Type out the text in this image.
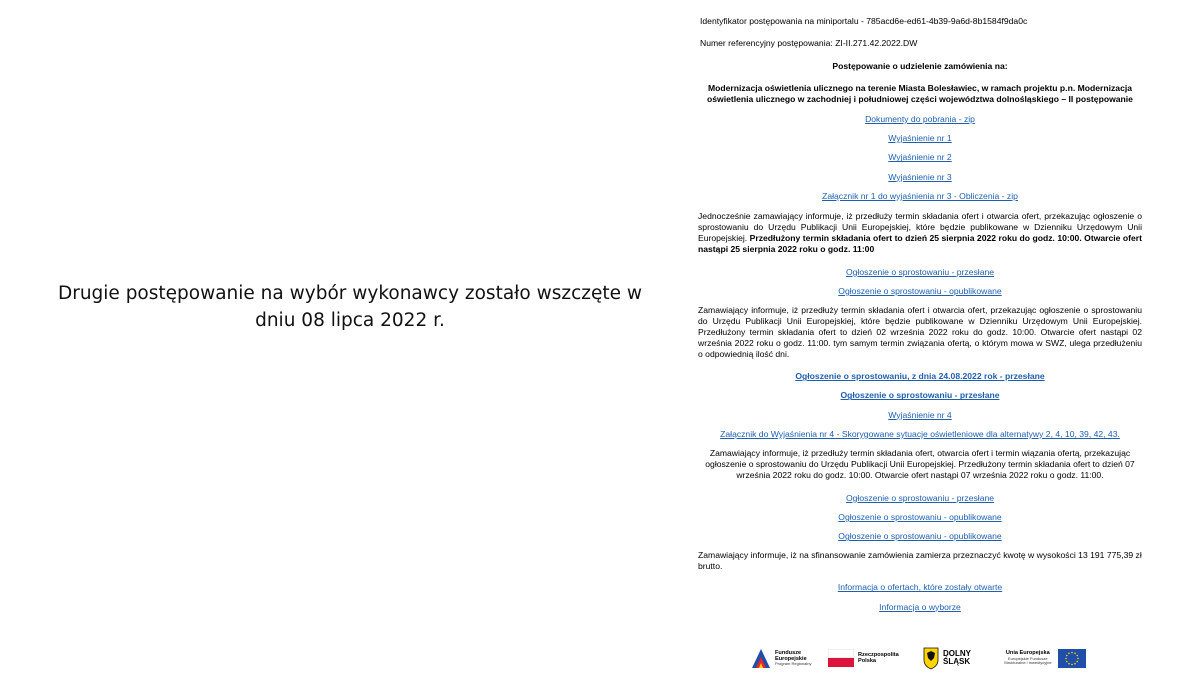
Drugie postępowanie na wybór wykonawcy zostało wszczęte w dniu 08 lipca 2022 r.
Identyfikator postępowania na miniportalu - 785acd6e-ed61-4b39-9a6d-8b1584f9da0c
Numer referencyjny postępowania: ZI-II.271.42.2022.DW
Postępowanie o udzielenie zamówienia na:
Modernizacja oświetlenia ulicznego na terenie Miasta Bolesławiec, w ramach projektu p.n. Modernizacja oświetlenia ulicznego w zachodniej i południowej części województwa dolnośląskiego – II postępowanie
Dokumenty do pobrania - zip
Wyjaśnienie nr 1
Wyjaśnienie nr 2
Wyjaśnienie nr 3
Załącznik nr 1 do wyjaśnienia nr 3 - Obliczenia - zip
Jednocześnie zamawiający informuje, iż przedłuży termin składania ofert i otwarcia ofert, przekazując ogłoszenie o sprostowaniu do Urzędu Publikacji Unii Europejskiej, które będzie publikowane w Dzienniku Urzędowym Unii Europejskiej. Przedłużony termin składania ofert to dzień 25 sierpnia 2022 roku do godz. 10:00. Otwarcie ofert nastąpi 25 sierpnia 2022 roku o godz. 11:00
Ogłoszenie o sprostowaniu - przesłane
Ogłoszenie o sprostowaniu - opublikowane
Zamawiający informuje, iż przedłuży termin składania ofert i otwarcia ofert, przekazując ogłoszenie o sprostowaniu do Urzędu Publikacji Unii Europejskiej, które będzie publikowane w Dzienniku Urzędowym Unii Europejskiej. Przedłużony termin składania ofert to dzień 02 września 2022 roku do godz. 10:00. Otwarcie ofert nastąpi 02 września 2022 roku o godz. 11:00. tym samym termin związania ofertą, o którym mowa w SWZ, ulega przedłużeniu o odpowiednią ilość dni.
Ogłoszenie o sprostowaniu, z dnia 24.08.2022 rok - przesłane
Ogłoszenie o sprostowaniu - przesłane
Wyjaśnienie nr 4
Załącznik do Wyjaśnienia nr 4 - Skorygowane sytuacje oświetleniowe dla alternatywy 2, 4, 10, 39, 42, 43.
Zamawiający informuje, iż przedłuży termin składania ofert, otwarcia ofert i termin wiązania ofertą, przekazując ogłoszenie o sprostowaniu do Urzędu Publikacji Unii Europejskiej. Przedłużony termin składania ofert to dzień 07 września 2022 roku do godz. 10:00. Otwarcie ofert nastąpi 07 września 2022 roku o godz. 11:00.
Ogłoszenie o sprostowaniu - przesłane
Ogłoszenie o sprostowaniu - opublikowane
Ogłoszenie o sprostowaniu - opublikowane
Zamawiający informuje, iż na sfinansowanie zamówienia zamierza przeznaczyć kwotę w wysokości 13 191 775,39 zł brutto.
Informacja o ofertach, które zostały otwarte
Informacja o wyborze
Fundusze
Europejskie
Program Regionalny
Rzeczpospolita
Polska
DOLNY
ŚLĄSK
Unia Europejska
Europejskie Fundusze
Strukturalne i Inwestycyjne
